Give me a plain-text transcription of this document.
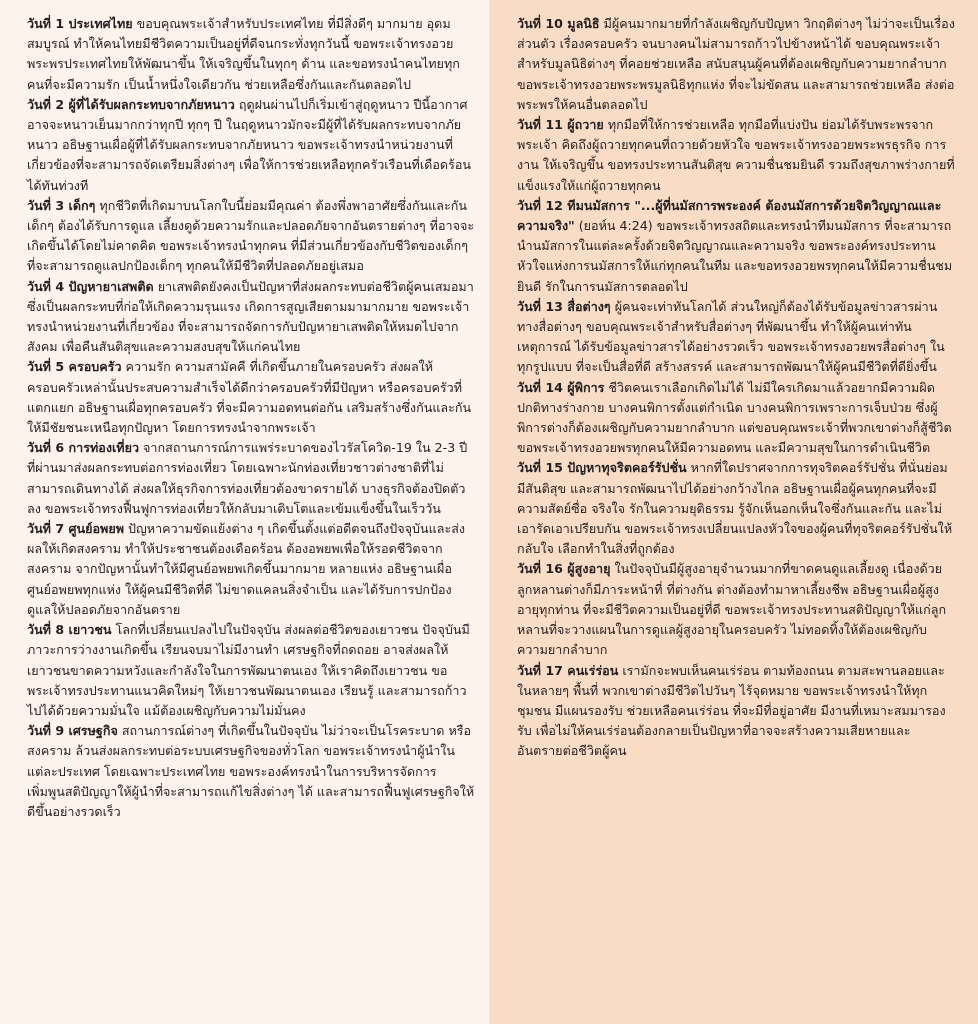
วันที่ 1 ประเทศไทย ขอบคุณพระเจ้าสำหรับประเทศไทย ที่มีสิ่งดีๆ มากมาย อุดมสมบูรณ์ ทำให้คนไทยมีชีวิตความเป็นอยู่ที่ดีจนกระทั่งทุกวันนี้ ขอพระเจ้าทรงอวยพระพรประเทศไทยให้พัฒนาขึ้น ให้เจริญขึ้นในทุกๆ ด้าน และขอทรงนำคนไทยทุกคนที่จะมีความรัก เป็นน้ำหนึ่งใจเดียวกัน ช่วยเหลือซึ่งกันและกันตลอดไป

วันที่ 2 ผู้ที่ได้รับผลกระทบจากภัยหนาว ฤดูฝนผ่านไปก็เริ่มเข้าสู่ฤดูหนาว ปีนี้อากาศอาจจะหนาวเย็นมากกว่าทุกปี ทุกๆ ปี ในฤดูหนาวมักจะมีผู้ที่ได้รับผลกระทบจากภัยหนาว อธิษฐานเผื่อผู้ที่ได้รับผลกระทบจากภัยหนาว ขอพระเจ้าทรงนำหน่วยงานที่เกี่ยวข้องที่จะสามารถจัดเตรียมสิ่งต่างๆ เพื่อให้การช่วยเหลือทุกครัวเรือนที่เดือดร้อนได้ทันท่วงที

วันที่ 3 เด็กๆ ทุกชีวิตที่เกิดมาบนโลกใบนี้ย่อมมีคุณค่า ต้องพึ่งพาอาศัยซึ่งกันและกัน เด็กๆ ต้องได้รับการดูแล เลี้ยงดูด้วยความรักและปลอดภัยจากอันตรายต่างๆ ที่อาจจะเกิดขึ้นได้โดยไม่คาดคิด ขอพระเจ้าทรงนำทุกคน ที่มีส่วนเกี่ยวข้องกับชีวิตของเด็กๆ ที่จะสามารถดูแลปกป้องเด็กๆ ทุกคนให้มีชีวิตที่ปลอดภัยอยู่เสมอ

วันที่ 4 ปัญหายาเสพติด ยาเสพติดยังคงเป็นปัญหาที่ส่งผลกระทบต่อชีวิตผู้คนเสมอมา ซึ่งเป็นผลกระทบที่ก่อให้เกิดความรุนแรง เกิดการสูญเสียตามมามากมาย ขอพระเจ้าทรงนำหน่วยงานที่เกี่ยวข้อง ที่จะสามารถจัดการกับปัญหายาเสพติดให้หมดไปจากสังคม เพื่อคืนสันติสุขและความสงบสุขให้แก่คนไทย

วันที่ 5 ครอบครัว ความรัก ความสามัคคี ที่เกิดขึ้นภายในครอบครัว ส่งผลให้ครอบครัวเหล่านั้นประสบความสำเร็จได้ดีกว่าครอบครัวที่มีปัญหา หรือครอบครัวที่แตกแยก อธิษฐานเผื่อทุกครอบครัว ที่จะมีความอดทนต่อกัน เสริมสร้างซึ่งกันและกันให้มีชัยชนะเหนือทุกปัญหา โดยการทรงนำจากพระเจ้า

วันที่ 6 การท่องเที่ยว จากสถานการณ์การแพร่ระบาดของไวรัสโควิด-19 ใน 2-3 ปีที่ผ่านมาส่งผลกระทบต่อการท่องเที่ยว โดยเฉพาะนักท่องเที่ยวชาวต่างชาติที่ไม่สามารถเดินทางได้ ส่งผลให้ธุรกิจการท่องเที่ยวต้องขาดรายได้ บางธุรกิจต้องปิดตัวลง ขอพระเจ้าทรงฟื้นฟูการท่องเที่ยวให้กลับมาเติบโตและเข้มแข็งขึ้นในเร็ววัน

วันที่ 7 ศูนย์อพยพ ปัญหาความขัดแย้งต่าง ๆ เกิดขึ้นตั้งแต่อดีตจนถึงปัจจุบันและส่งผลให้เกิดสงคราม ทำให้ประชาชนต้องเดือดร้อน ต้องอพยพเพื่อให้รอดชีวิตจากสงคราม จากปัญหานั้นทำให้มีศูนย์อพยพเกิดขึ้นมากมาย หลายแห่ง อธิษฐานเผื่อศูนย์อพยพทุกแห่ง ให้ผู้คนมีชีวิตที่ดี ไม่ขาดแคลนสิ่งจำเป็น และได้รับการปกป้องดูแลให้ปลอดภัยจากอันตราย

วันที่ 8 เยาวชน โลกที่เปลี่ยนแปลงไปในปัจจุบัน ส่งผลต่อชีวิตของเยาวชน ปัจจุบันมีภาวะการว่างงานเกิดขึ้น เรียนจบมาไม่มีงานทำ เศรษฐกิจที่ถดถอย อาจส่งผลให้เยาวชนขาดความหวังและกำลังใจในการพัฒนาตนเอง ให้เราคิดถึงเยาวชน ขอพระเจ้าทรงประทานแนวคิดใหม่ๆ ให้เยาวชนพัฒนาตนเอง เรียนรู้ และสามารถก้าวไปได้ด้วยความมั่นใจ แม้ต้องเผชิญกับความไม่มั่นคง

วันที่ 9 เศรษฐกิจ สถานการณ์ต่างๆ ที่เกิดขึ้นในปัจจุบัน ไม่ว่าจะเป็นโรคระบาด หรือสงคราม ล้วนส่งผลกระทบต่อระบบเศรษฐกิจของทั่วโลก ขอพระเจ้าทรงนำผู้นำในแต่ละประเทศ โดยเฉพาะประเทศไทย ขอพระองค์ทรงนำในการบริหารจัดการ เพิ่มพูนสติปัญญาให้ผู้นำที่จะสามารถแก้ไขสิ่งต่างๆ ได้ และสามารถฟื้นฟูเศรษฐกิจให้ดีขึ้นอย่างรวดเร็ว

วันที่ 10 มูลนิธิ มีผู้คนมากมายที่กำลังเผชิญกับปัญหา วิกฤติต่างๆ ไม่ว่าจะเป็นเรื่องส่วนตัว เรื่องครอบครัว จนบางคนไม่สามารถก้าวไปข้างหน้าได้ ขอบคุณพระเจ้าสำหรับมูลนิธิต่างๆ ที่คอยช่วยเหลือ สนับสนุนผู้คนที่ต้องเผชิญกับความยากลำบาก ขอพระเจ้าทรงอวยพระพรมูลนิธิทุกแห่ง ที่จะไม่ขัดสน และสามารถช่วยเหลือ ส่งต่อพระพรให้คนอื่นตลอดไป

วันที่ 11 ผู้ถวาย ทุกมือที่ให้การช่วยเหลือ ทุกมือที่แบ่งปัน ย่อมได้รับพระพรจากพระเจ้า คิดถึงผู้ถวายทุกคนที่ถวายด้วยหัวใจ ขอพระเจ้าทรงอวยพระพรธุรกิจ การงาน ให้เจริญขึ้น ขอทรงประทานสันติสุข ความชื่นชมยินดี รวมถึงสุขภาพร่างกายที่แข็งแรงให้แก่ผู้ถวายทุกคน

วันที่ 12 ทีมนมัสการ "...ผู้ที่นมัสการพระองค์ ต้องนมัสการด้วยจิตวิญญาณและความจริง" (ยอห์น 4:24) ขอพระเจ้าทรงสถิตและทรงนำทีมนมัสการ ที่จะสามารถนำนมัสการในแต่ละครั้งด้วยจิตวิญญาณและความจริง ขอพระองค์ทรงประทานหัวใจแห่งการนมัสการให้แก่ทุกคนในทีม และขอทรงอวยพรทุกคนให้มีความชื่นชมยินดี รักในการนมัสการตลอดไป

วันที่ 13 สื่อต่างๆ ผู้คนจะเท่าทันโลกได้ ส่วนใหญ่ก็ต้องได้รับข้อมูลข่าวสารผ่านทางสื่อต่างๆ ขอบคุณพระเจ้าสำหรับสื่อต่างๆ ที่พัฒนาขึ้น ทำให้ผู้คนเท่าทันเหตุการณ์ ได้รับข้อมูลข่าวสารได้อย่างรวดเร็ว ขอพระเจ้าทรงอวยพรสื่อต่างๆ ในทุกรูปแบบ ที่จะเป็นสื่อที่ดี สร้างสรรค์ และสามารถพัฒนาให้ผู้คนมีชีวิตที่ดียิ่งขึ้น

วันที่ 14 ผู้พิการ ชีวิตคนเราเลือกเกิดไม่ได้ ไม่มีใครเกิดมาแล้วอยากมีความผิดปกติทางร่างกาย บางคนพิการตั้งแต่กำเนิด บางคนพิการเพราะการเจ็บป่วย ซึ่งผู้พิการต่างก็ต้องเผชิญกับความยากลำบาก แต่ขอบคุณพระเจ้าที่พวกเขาต่างก็สู้ชีวิต ขอพระเจ้าทรงอวยพรทุกคนให้มีความอดทน และมีความสุขในการดำเนินชีวิต

วันที่ 15 ปัญหาทุจริตคอร์รัปชั่น หากที่ใดปราศจากการทุจริตคอร์รัปชั่น ที่นั่นย่อมมีสันติสุข และสามารถพัฒนาไปได้อย่างกว้างไกล อธิษฐานเผื่อผู้คนทุกคนที่จะมีความสัตย์ซื่อ จริงใจ รักในความยุติธรรม รู้จักเห็นอกเห็นใจซึ่งกันและกัน และไม่เอารัดเอาเปรียบกัน ขอพระเจ้าทรงเปลี่ยนแปลงหัวใจของผู้คนที่ทุจริตคอร์รัปชั่นให้กลับใจ เลือกทำในสิ่งที่ถูกต้อง

วันที่ 16 ผู้สูงอายุ ในปัจจุบันมีผู้สูงอายุจำนวนมากที่ขาดคนดูแลเลี้ยงดู เนื่องด้วยลูกหลานต่างก็มีภาระหน้าที่ ที่ต่างกัน ต่างต้องทำมาหาเลี้ยงชีพ อธิษฐานเผื่อผู้สูงอายุทุกท่าน ที่จะมีชีวิตความเป็นอยู่ที่ดี ขอพระเจ้าทรงประทานสติปัญญาให้แก่ลูกหลานที่จะวางแผนในการดูแลผู้สูงอายุในครอบครัว ไม่ทอดทิ้งให้ต้องเผชิญกับความยากลำบาก

วันที่ 17 คนเร่ร่อน เรามักจะพบเห็นคนเร่ร่อน ตามท้องถนน ตามสะพานลอยและในหลายๆ พื้นที่ พวกเขาต่างมีชีวิตไปวันๆ ไร้จุดหมาย ขอพระเจ้าทรงนำให้ทุกชุมชน มีแผนรองรับ ช่วยเหลือคนเร่ร่อน ที่จะมีที่อยู่อาศัย มีงานที่เหมาะสมมารองรับ เพื่อไม่ให้คนเร่ร่อนต้องกลายเป็นปัญหาที่อาจจะสร้างความเสียหายและอันตรายต่อชีวิตผู้คน
